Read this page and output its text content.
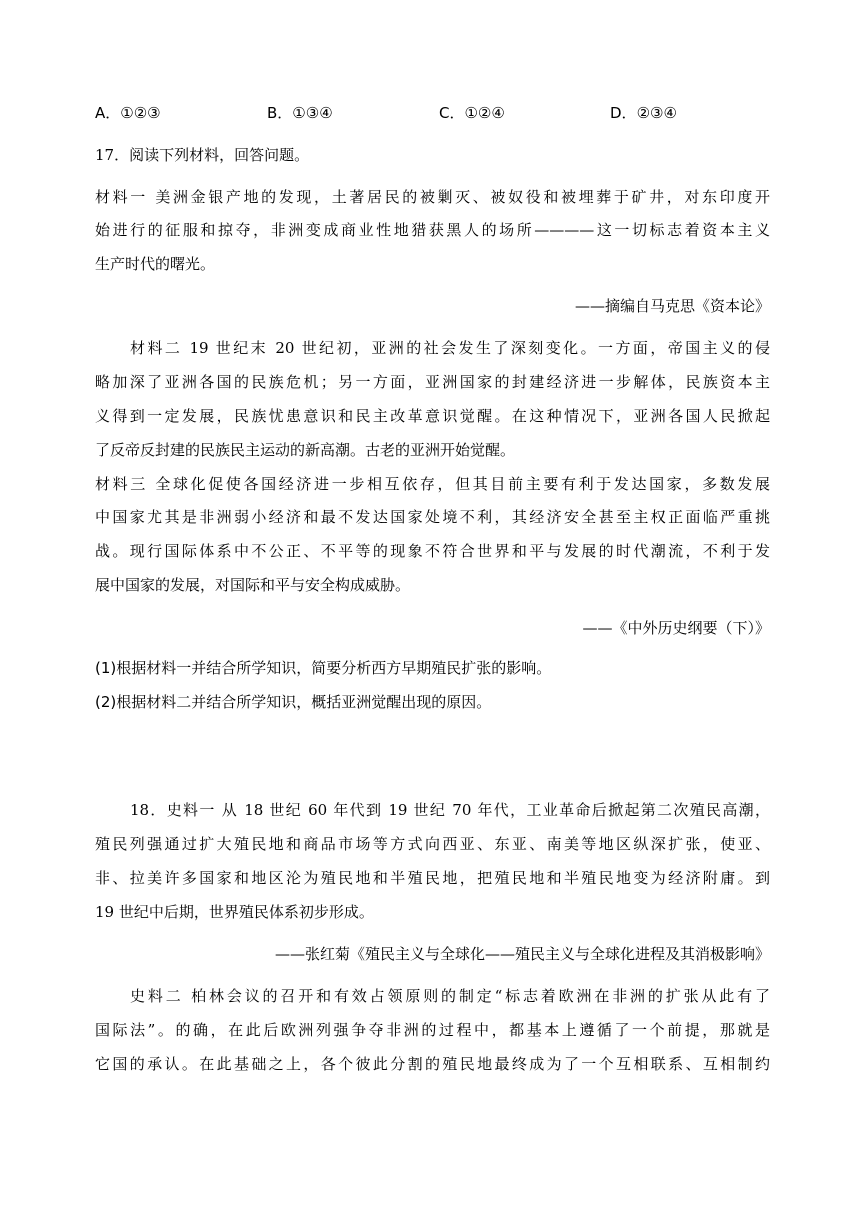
A．①②③	B．①③④	C．①②④	D．②③④
17．阅读下列材料，回答问题。
材料一 美洲金银产地的发现，土著居民的被剿灭、被奴役和被埋葬于矿井，对东印度开
始进行的征服和掠夺，非洲变成商业性地猎获黑人的场所————这一切标志着资本主义
生产时代的曙光。
——摘编自马克思《资本论》
材料二 19 世纪末 20 世纪初，亚洲的社会发生了深刻变化。一方面，帝国主义的侵
略加深了亚洲各国的民族危机；另一方面，亚洲国家的封建经济进一步解体，民族资本主
义得到一定发展，民族忧患意识和民主改革意识觉醒。在这种情况下，亚洲各国人民掀起
了反帝反封建的民族民主运动的新高潮。古老的亚洲开始觉醒。
材料三 全球化促使各国经济进一步相互依存，但其目前主要有利于发达国家，多数发展
中国家尤其是非洲弱小经济和最不发达国家处境不利，其经济安全甚至主权正面临严重挑
战。现行国际体系中不公正、不平等的现象不符合世界和平与发展的时代潮流，不利于发
展中国家的发展，对国际和平与安全构成威胁。
——《中外历史纲要（下）》
(1)根据材料一并结合所学知识，简要分析西方早期殖民扩张的影响。
(2)根据材料二并结合所学知识，概括亚洲觉醒出现的原因。
18．史料一 从 18 世纪 60 年代到 19 世纪 70 年代，工业革命后掀起第二次殖民高潮，
殖民列强通过扩大殖民地和商品市场等方式向西亚、东亚、南美等地区纵深扩张，使亚、
非、拉美许多国家和地区沦为殖民地和半殖民地，把殖民地和半殖民地变为经济附庸。到
19 世纪中后期，世界殖民体系初步形成。
——张红菊《殖民主义与全球化——殖民主义与全球化进程及其消极影响》
史料二 柏林会议的召开和有效占领原则的制定“标志着欧洲在非洲的扩张从此有了
国际法”。的确，在此后欧洲列强争夺非洲的过程中，都基本上遵循了一个前提，那就是
它国的承认。在此基础之上，各个彼此分割的殖民地最终成为了一个互相联系、互相制约
